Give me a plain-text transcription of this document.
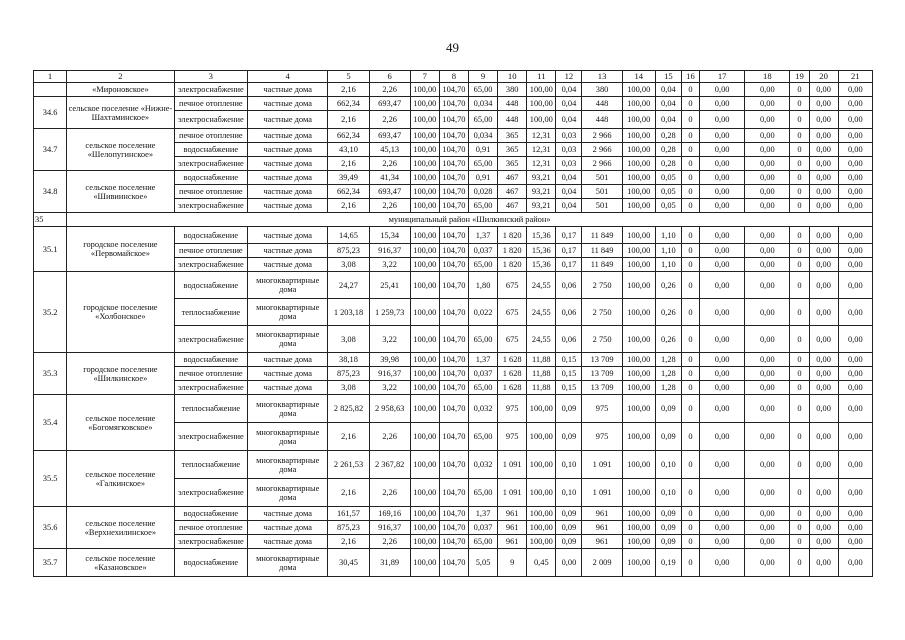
49
1	2	3	4	5	6	7	8	9	10	11	12	13	14	15	16	17	18	19	20	21
	«Мироновское»	электроснабжение	частные дома	2,16	2,26	100,00	104,70	65,00	380	100,00	0,04	380	100,00	0,04	0	0,00	0,00	0	0,00	0,00
34.6	сельское поселение «Нижне-Шахтаминское»	печное отопление	частные дома	662,34	693,47	100,00	104,70	0,034	448	100,00	0,04	448	100,00	0,04	0	0,00	0,00	0	0,00	0,00
		электроснабжение	частные дома	2,16	2,26	100,00	104,70	65,00	448	100,00	0,04	448	100,00	0,04	0	0,00	0,00	0	0,00	0,00
34.7	сельское поселение «Шелопугинское»	печное отопление	частные дома	662,34	693,47	100,00	104,70	0,034	365	12,31	0,03	2 966	100,00	0,28	0	0,00	0,00	0	0,00	0,00
		водоснабжение	частные дома	43,10	45,13	100,00	104,70	0,91	365	12,31	0,03	2 966	100,00	0,28	0	0,00	0,00	0	0,00	0,00
		электроснабжение	частные дома	2,16	2,26	100,00	104,70	65,00	365	12,31	0,03	2 966	100,00	0,28	0	0,00	0,00	0	0,00	0,00
34.8	сельское поселение «Шивиинское»	водоснабжение	частные дома	39,49	41,34	100,00	104,70	0,91	467	93,21	0,04	501	100,00	0,05	0	0,00	0,00	0	0,00	0,00
		печное отопление	частные дома	662,34	693,47	100,00	104,70	0,028	467	93,21	0,04	501	100,00	0,05	0	0,00	0,00	0	0,00	0,00
		электроснабжение	частные дома	2,16	2,26	100,00	104,70	65,00	467	93,21	0,04	501	100,00	0,05	0	0,00	0,00	0	0,00	0,00
35	муниципальный район «Шилкинский район»																			
35.1	городское поселение «Первомайское»	водоснабжение	частные дома	14,65	15,34	100,00	104,70	1,37	1 820	15,36	0,17	11 849	100,00	1,10	0	0,00	0,00	0	0,00	0,00
		печное отопление	частные дома	875,23	916,37	100,00	104,70	0,037	1 820	15,36	0,17	11 849	100,00	1,10	0	0,00	0,00	0	0,00	0,00
		электроснабжение	частные дома	3,08	3,22	100,00	104,70	65,00	1 820	15,36	0,17	11 849	100,00	1,10	0	0,00	0,00	0	0,00	0,00
35.2	городское поселение «Холбонское»	водоснабжение	многоквартирные дома	24,27	25,41	100,00	104,70	1,80	675	24,55	0,06	2 750	100,00	0,26	0	0,00	0,00	0	0,00	0,00
		теплоснабжение	многоквартирные дома	1 203,18	1 259,73	100,00	104,70	0,022	675	24,55	0,06	2 750	100,00	0,26	0	0,00	0,00	0	0,00	0,00
		электроснабжение	многоквартирные дома	3,08	3,22	100,00	104,70	65,00	675	24,55	0,06	2 750	100,00	0,26	0	0,00	0,00	0	0,00	0,00
35.3	городское поселение «Шилкинское»	водоснабжение	частные дома	38,18	39,98	100,00	104,70	1,37	1 628	11,88	0,15	13 709	100,00	1,28	0	0,00	0,00	0	0,00	0,00
		печное отопление	частные дома	875,23	916,37	100,00	104,70	0,037	1 628	11,88	0,15	13 709	100,00	1,28	0	0,00	0,00	0	0,00	0,00
		электроснабжение	частные дома	3,08	3,22	100,00	104,70	65,00	1 628	11,88	0,15	13 709	100,00	1,28	0	0,00	0,00	0	0,00	0,00
35.4	сельское поселение «Богомягковское»	теплоснабжение	многоквартирные дома	2 825,82	2 958,63	100,00	104,70	0,032	975	100,00	0,09	975	100,00	0,09	0	0,00	0,00	0	0,00	0,00
		электроснабжение	многоквартирные дома	2,16	2,26	100,00	104,70	65,00	975	100,00	0,09	975	100,00	0,09	0	0,00	0,00	0	0,00	0,00
35.5	сельское поселение «Галкинское»	теплоснабжение	многоквартирные дома	2 261,53	2 367,82	100,00	104,70	0,032	1 091	100,00	0,10	1 091	100,00	0,10	0	0,00	0,00	0	0,00	0,00
		электроснабжение	многоквартирные дома	2,16	2,26	100,00	104,70	65,00	1 091	100,00	0,10	1 091	100,00	0,10	0	0,00	0,00	0	0,00	0,00
35.6	сельское поселение «Верхнехилинское»	водоснабжение	частные дома	161,57	169,16	100,00	104,70	1,37	961	100,00	0,09	961	100,00	0,09	0	0,00	0,00	0	0,00	0,00
		печное отопление	частные дома	875,23	916,37	100,00	104,70	0,037	961	100,00	0,09	961	100,00	0,09	0	0,00	0,00	0	0,00	0,00
		электроснабжение	частные дома	2,16	2,26	100,00	104,70	65,00	961	100,00	0,09	961	100,00	0,09	0	0,00	0,00	0	0,00	0,00
35.7	сельское поселение «Казановское»	водоснабжение	многоквартирные дома	30,45	31,89	100,00	104,70	5,05	9	0,45	0,00	2 009	100,00	0,19	0	0,00	0,00	0	0,00	0,00
